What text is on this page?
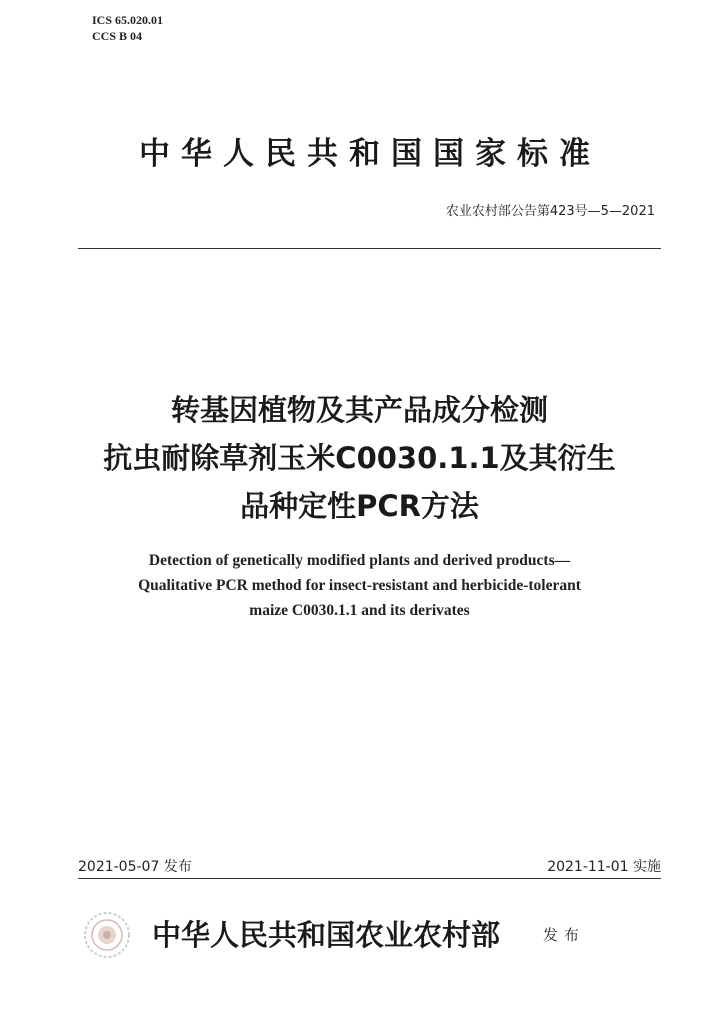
ICS 65.020.01
CCS B 04
中华人民共和国国家标准
农业农村部公告第423号—5—2021
转基因植物及其产品成分检测
抗虫耐除草剂玉米C0030.1.1及其衍生
品种定性PCR方法
Detection of genetically modified plants and derived products—
Qualitative PCR method for insect-resistant and herbicide-tolerant
maize C0030.1.1 and its derivates
2021-05-07 发布	2021-11-01 实施
中华人民共和国农业农村部	发布
